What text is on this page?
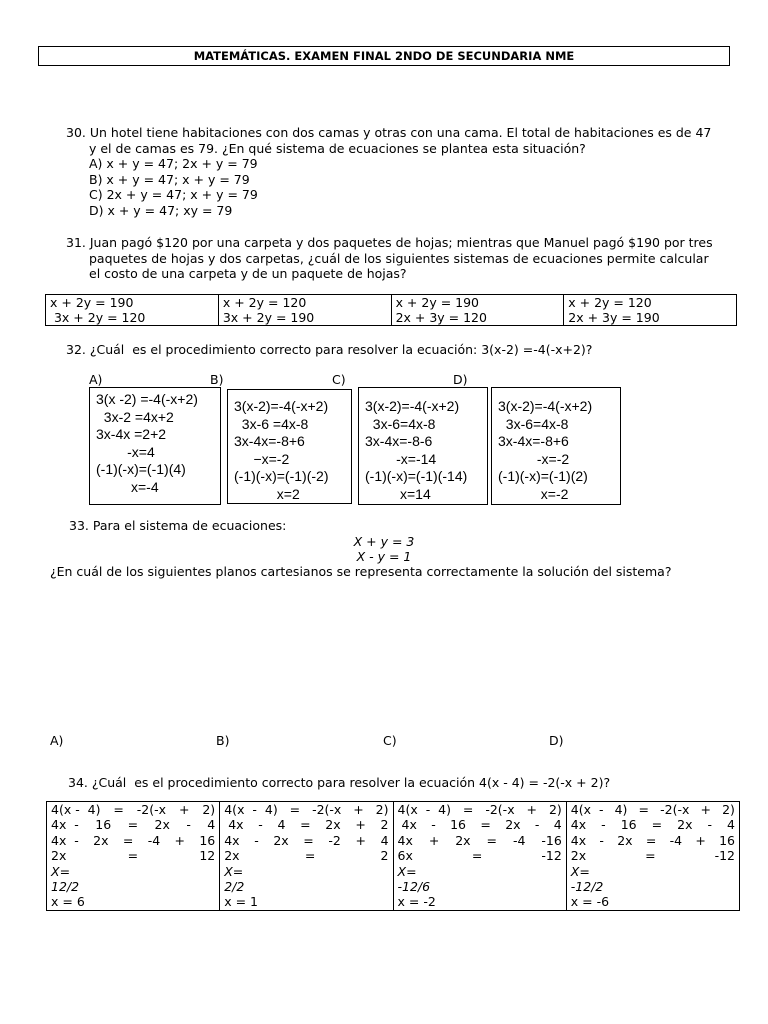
MATEMÁTICAS. EXAMEN FINAL 2NDO DE SECUNDARIA NME
30. Un hotel tiene habitaciones con dos camas y otras con una cama. El total de habitaciones es de 47
y el de camas es 79. ¿En qué sistema de ecuaciones se plantea esta situación?
A) x + y = 47; 2x + y = 79
B) x + y = 47; x + y = 79
C) 2x + y = 47; x + y = 79
D) x + y = 47; xy = 79
31. Juan pagó $120 por una carpeta y dos paquetes de hojas; mientras que Manuel pagó $190 por tres
paquetes de hojas y dos carpetas, ¿cuál de los siguientes sistemas de ecuaciones permite calcular
el costo de una carpeta y de un paquete de hojas?
x + 2y = 190
3x + 2y = 120

x + 2y = 120
3x + 2y = 190

x + 2y = 190
2x + 3y = 120

x + 2y = 120
2x + 3y = 190
32. ¿Cuál  es el procedimiento correcto para resolver la ecuación: 3(x-2) =-4(-x+2)?
A)	B)	C)	D)
3(x -2) =-4(-x+2)
3x-2 =4x+2
3x-4x =2+2
-x=4
(-1)(-x)=(-1)(4)
x=-4
3(x-2)=-4(-x+2)
3x-6 =4x-8
3x-4x=-8+6
−x=-2
(-1)(-x)=(-1)(-2)
x=2
3(x-2)=-4(-x+2)
3x-6=4x-8
3x-4x=-8-6
-x=-14
(-1)(-x)=(-1)(-14)
x=14
3(x-2)=-4(-x+2)
3x-6=4x-8
3x-4x=-8+6
-x=-2
(-1)(-x)=(-1)(2)
x=-2
33. Para el sistema de ecuaciones:
X + y = 3
X - y = 1
¿En cuál de los siguientes planos cartesianos se representa correctamente la solución del sistema?
A)	B)	C)	D)
34. ¿Cuál  es el procedimiento correcto para resolver la ecuación 4(x - 4) = -2(-x + 2)?
4(x -  4) = -2(-x + 2)
4x  - 16 = 2x - 4
4x  - 2x = -4 + 16
2x	=	12
X=
12/2
x = 6

4(x  -  4) = -2(-x + 2)
4x - 4 = 2x + 2
4x - 2x = -2 + 4
2x	=	2
X=
2/2
x = 1

4(x  -  4) = -2(-x + 2)
4x - 16 = 2x - 4
4x + 2x = -4 -16
6x	=	-12
X=
-12/6
x = -2

4(x  - 4) = -2(-x + 2)
4x - 16 = 2x - 4
4x - 2x = -4 + 16
2x	=	-12
X=
-12/2
x = -6
